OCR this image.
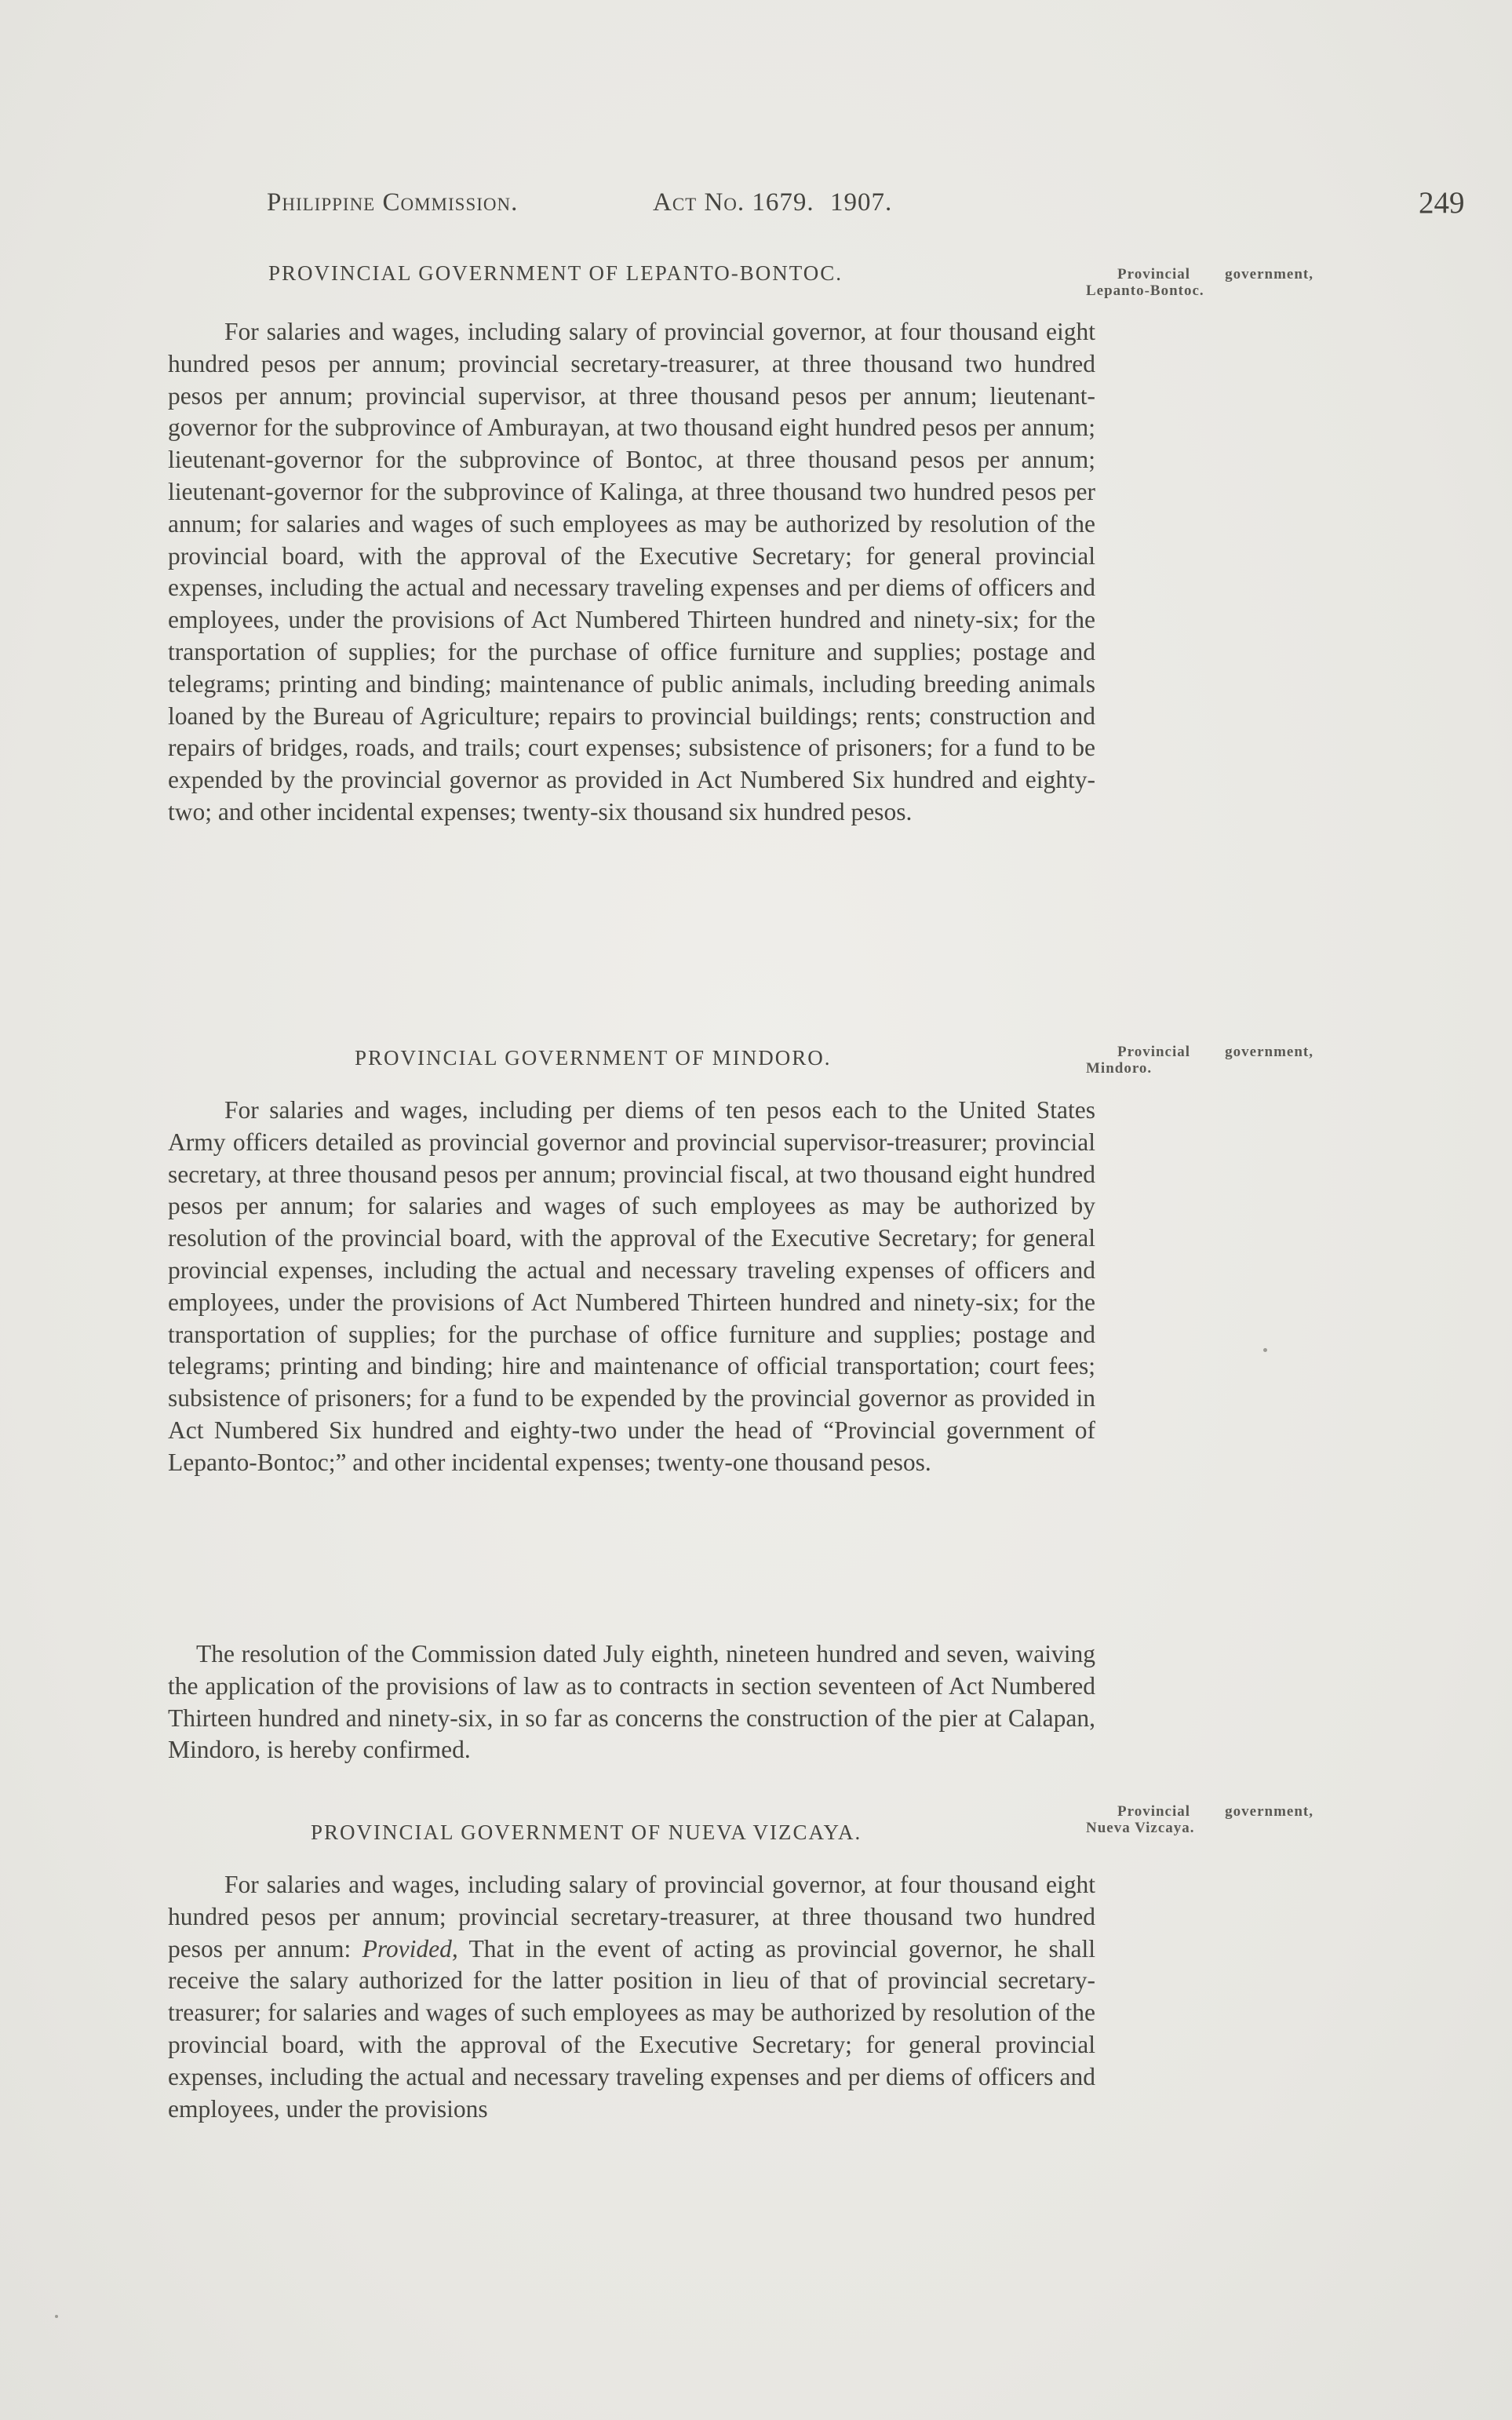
Philippine Commission.	Act No. 1679. 1907.	249
PROVINCIAL GOVERNMENT OF LEPANTO-BONTOC.	Provincial government, Lepanto-Bontoc.

For salaries and wages, including salary of provincial governor, at four thousand eight hundred pesos per annum; provincial secretary-treasurer, at three thousand two hundred pesos per annum; provincial supervisor, at three thousand pesos per annum; lieutenant-governor for the subprovince of Amburayan, at two thousand eight hundred pesos per annum; lieutenant-governor for the subprovince of Bontoc, at three thousand pesos per annum; lieutenant-governor for the subprovince of Kalinga, at three thousand two hundred pesos per annum; for salaries and wages of such employees as may be authorized by resolution of the provincial board, with the approval of the Executive Secretary; for general provincial expenses, including the actual and necessary traveling expenses and per diems of officers and employees, under the provisions of Act Numbered Thirteen hundred and ninety-six; for the transportation of supplies; for the purchase of office furniture and supplies; postage and telegrams; printing and binding; maintenance of public animals, including breeding animals loaned by the Bureau of Agriculture; repairs to provincial buildings; rents; construction and repairs of bridges, roads, and trails; court expenses; subsistence of prisoners; for a fund to be expended by the provincial governor as provided in Act Numbered Six hundred and eighty-two; and other incidental expenses; twenty-six thousand six hundred pesos.

PROVINCIAL GOVERNMENT OF MINDORO.	Provincial government, Mindoro.

For salaries and wages, including per diems of ten pesos each to the United States Army officers detailed as provincial governor and provincial supervisor-treasurer; provincial secretary, at three thousand pesos per annum; provincial fiscal, at two thousand eight hundred pesos per annum; for salaries and wages of such employees as may be authorized by resolution of the provincial board, with the approval of the Executive Secretary; for general provincial expenses, including the actual and necessary traveling expenses of officers and employees, under the provisions of Act Numbered Thirteen hundred and ninety-six; for the transportation of supplies; for the purchase of office furniture and supplies; postage and telegrams; printing and binding; hire and maintenance of official transportation; court fees; subsistence of prisoners; for a fund to be expended by the provincial governor as provided in Act Numbered Six hundred and eighty-two under the head of “Provincial government of Lepanto-Bontoc;” and other incidental expenses; twenty-one thousand pesos.

The resolution of the Commission dated July eighth, nineteen hundred and seven, waiving the application of the provisions of law as to contracts in section seventeen of Act Numbered Thirteen hundred and ninety-six, in so far as concerns the construction of the pier at Calapan, Mindoro, is hereby confirmed.

PROVINCIAL GOVERNMENT OF NUEVA VIZCAYA.
Provincial government, Nueva Vizcaya.

For salaries and wages, including salary of provincial governor, at four thousand eight hundred pesos per annum; provincial secretary-treasurer, at three thousand two hundred pesos per annum: Provided, That in the event of acting as provincial governor, he shall receive the salary authorized for the latter position in lieu of that of provincial secretary-treasurer; for salaries and wages of such employees as may be authorized by resolution of the provincial board, with the approval of the Executive Secretary; for general provincial expenses, including the actual and necessary traveling expenses and per diems of officers and employees, under the provisions
